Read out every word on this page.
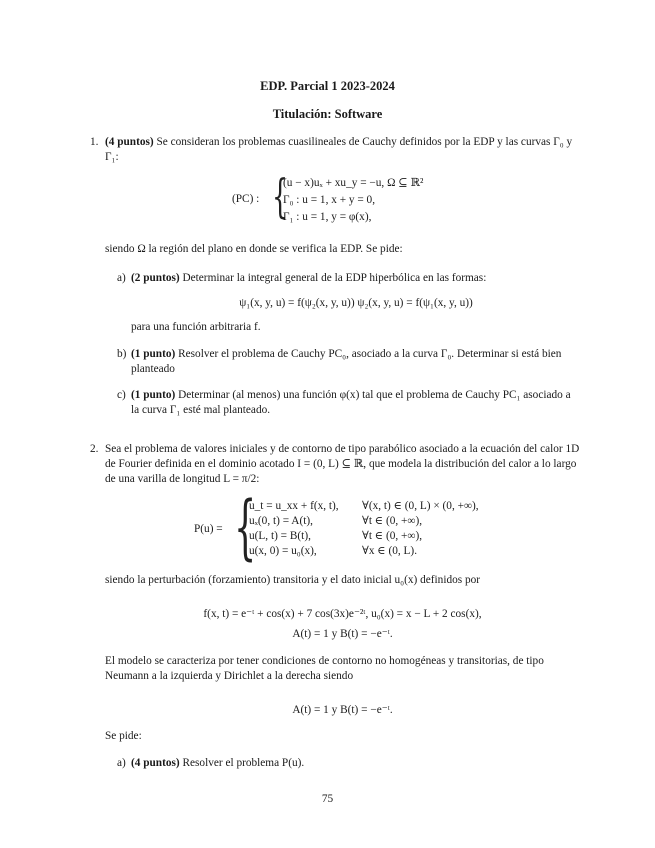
EDP. Parcial 1 2023-2024
Titulación: Software
1. (4 puntos) Se consideran los problemas cuasilineales de Cauchy definidos por la EDP y las curvas Γ₀ y Γ₁:
(PC) : {
(u − x)uₓ + xu_y = −u, Ω ⊆ ℝ²
Γ₀ : u = 1, x + y = 0,
Γ₁ : u = 1, y = φ(x),
siendo Ω la región del plano en donde se verifica la EDP. Se pide:
a) (2 puntos) Determinar la integral general de la EDP hiperbólica en las formas:
ψ₁(x, y, u) = f(ψ₂(x, y, u)) ψ₂(x, y, u) = f(ψ₁(x, y, u))
para una función arbitraria f.
b) (1 punto) Resolver el problema de Cauchy PC₀, asociado a la curva Γ₀. Determinar si está bien planteado
c) (1 punto) Determinar (al menos) una función φ(x) tal que el problema de Cauchy PC₁ asociado a la curva Γ₁ esté mal planteado.
2. Sea el problema de valores iniciales y de contorno de tipo parabólico asociado a la ecuación del calor 1D de Fourier definida en el dominio acotado I = (0, L) ⊆ ℝ, que modela la distribución del calor a lo largo de una varilla de longitud L = π/2:
P(u) = {
u_t = u_xx + f(x, t),
uₓ(0, t) = A(t),
u(L, t) = B(t),
u(x, 0) = u₀(x),
∀(x, t) ∈ (0, L) × (0, +∞),
∀t ∈ (0, +∞),
∀t ∈ (0, +∞),
∀x ∈ (0, L).
siendo la perturbación (forzamiento) transitoria y el dato inicial u₀(x) definidos por
f(x, t) = e⁻ᵗ + cos(x) + 7 cos(3x)e⁻²ᵗ, u₀(x) = x − L + 2 cos(x),
A(t) = 1 y B(t) = −e⁻ᵗ.
El modelo se caracteriza por tener condiciones de contorno no homogéneas y transitorias, de tipo Neumann a la izquierda y Dirichlet a la derecha siendo
A(t) = 1 y B(t) = −e⁻ᵗ.
Se pide:
a) (4 puntos) Resolver el problema P(u).
75
